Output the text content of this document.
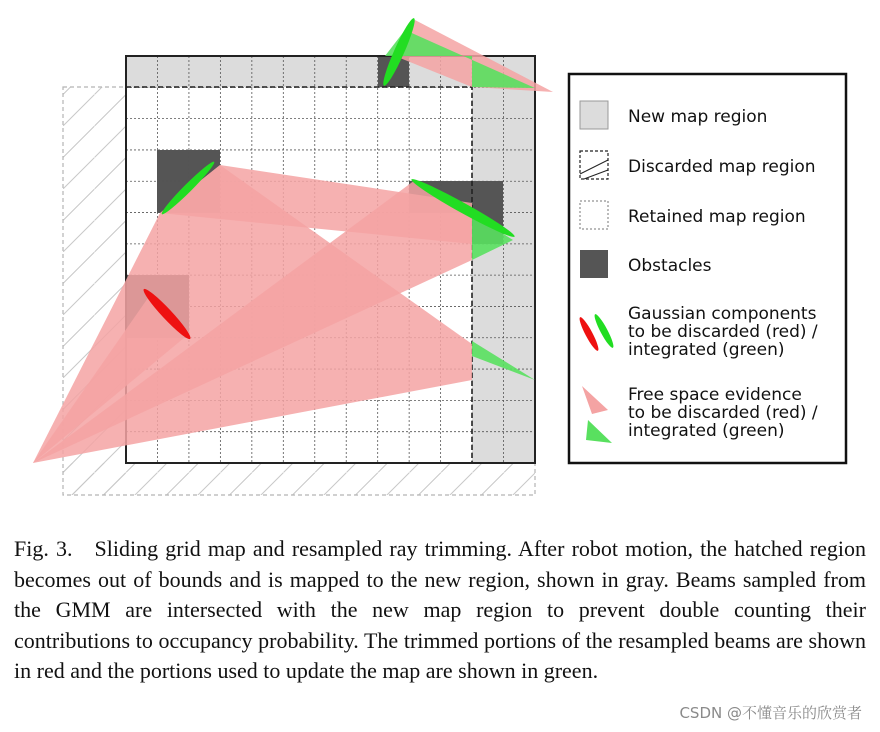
New map region
Discarded map region
Retained map region
Obstacles
Gaussian components to be discarded (red) / integrated (green)
Free space evidence to be discarded (red) / integrated (green)
Fig. 3. Sliding grid map and resampled ray trimming. After robot motion, the hatched region becomes out of bounds and is mapped to the new region, shown in gray. Beams sampled from the GMM are intersected with the new map region to prevent double counting their contributions to occupancy probability. The trimmed portions of the resampled beams are shown in red and the portions used to update the map are shown in green.
CSDN @不懂音乐的欣赏者
